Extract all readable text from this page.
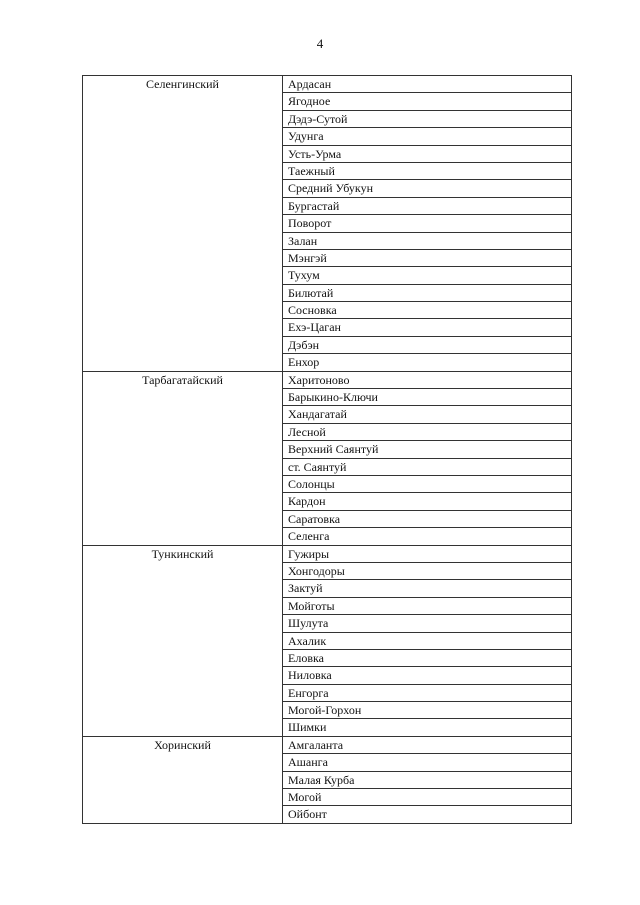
4
Селенгинский	Ардасан
	Ягодное
	Дэдэ-Сутой
	Удунга
	Усть-Урма
	Таежный
	Средний Убукун
	Бургастай
	Поворот
	Залан
	Мэнгэй
	Тухум
	Билютай
	Сосновка
	Ехэ-Цаган
	Дэбэн
	Енхор

Тарбагатайский	Харитоново
	Барыкино-Ключи
	Хандагатай
	Лесной
	Верхний Саянтуй
	ст. Саянтуй
	Солонцы
	Кардон
	Саратовка
	Селенга

Тункинский	Гужиры
	Хонгодоры
	Зактуй
	Мойготы
	Шулута
	Ахалик
	Еловка
	Ниловка
	Енгорга
	Могой-Горхон
	Шимки

Хоринский	Амгаланта
	Ашанга
	Малая Курба
	Могой
	Ойбонт
